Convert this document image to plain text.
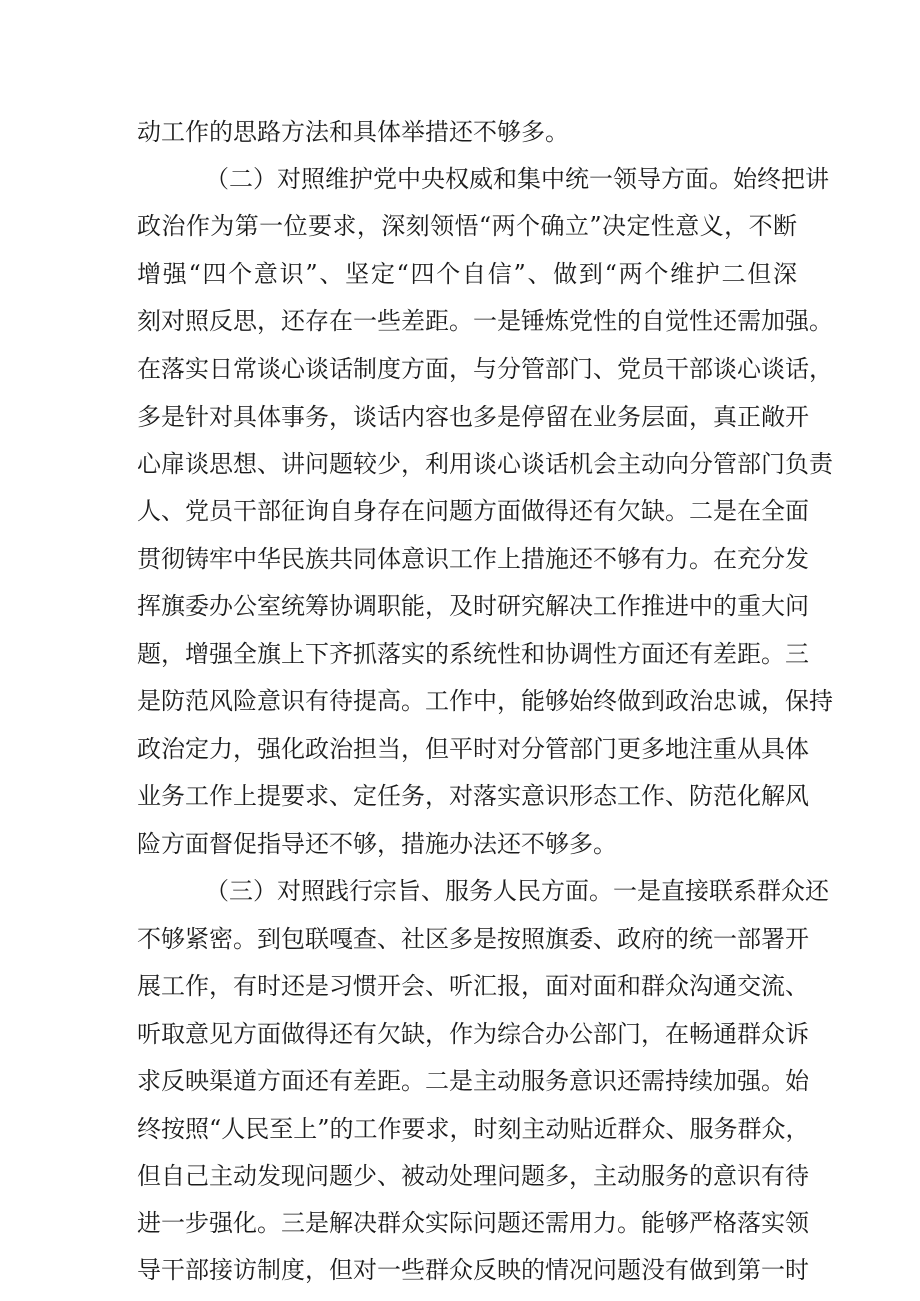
动工作的思路方法和具体举措还不够多。

（二）对照维护党中央权威和集中统一领导方面。始终把讲

政治作为第一位要求，深刻领悟“两个确立”决定性意义，不断

增强“四个意识”、坚定“四个自信”、做到“两个维护二但深

刻对照反思，还存在一些差距。一是锤炼党性的自觉性还需加强。

在落实日常谈心谈话制度方面，与分管部门、党员干部谈心谈话，

多是针对具体事务，谈话内容也多是停留在业务层面，真正敞开

心扉谈思想、讲问题较少，利用谈心谈话机会主动向分管部门负责

人、党员干部征询自身存在问题方面做得还有欠缺。二是在全面

贯彻铸牢中华民族共同体意识工作上措施还不够有力。在充分发

挥旗委办公室统筹协调职能，及时研究解决工作推进中的重大问

题，增强全旗上下齐抓落实的系统性和协调性方面还有差距。三

是防范风险意识有待提高。工作中，能够始终做到政治忠诚，保持

政治定力，强化政治担当，但平时对分管部门更多地注重从具体

业务工作上提要求、定任务，对落实意识形态工作、防范化解风

险方面督促指导还不够，措施办法还不够多。

（三）对照践行宗旨、服务人民方面。一是直接联系群众还

不够紧密。到包联嘎查、社区多是按照旗委、政府的统一部署开

展工作，有时还是习惯开会、听汇报，面对面和群众沟通交流、

听取意见方面做得还有欠缺，作为综合办公部门，在畅通群众诉

求反映渠道方面还有差距。二是主动服务意识还需持续加强。始

终按照“人民至上”的工作要求，时刻主动贴近群众、服务群众，

但自己主动发现问题少、被动处理问题多，主动服务的意识有待

进一步强化。三是解决群众实际问题还需用力。能够严格落实领

导干部接访制度，但对一些群众反映的情况问题没有做到第一时
